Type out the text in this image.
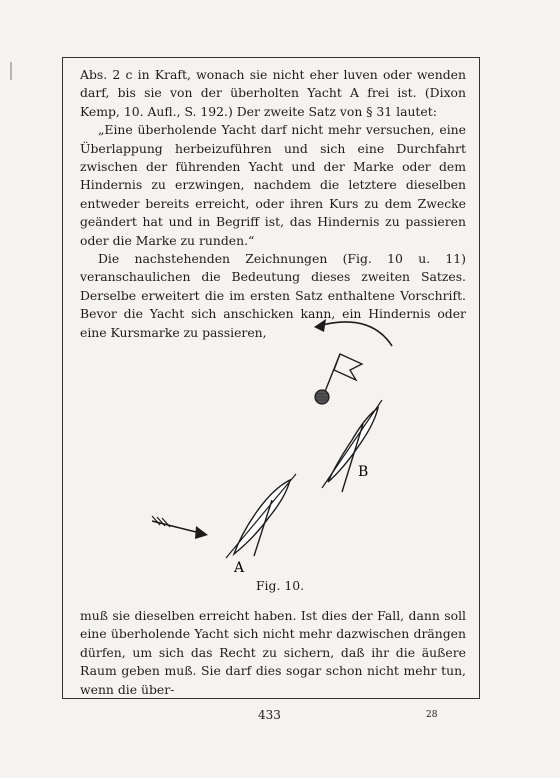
Abs. 2 c in Kraft, wonach sie nicht eher luven oder wenden darf, bis sie von der überholten Yacht A frei ist. (Dixon Kemp, 10. Aufl., S. 192.) Der zweite Satz von § 31 lautet:

„Eine überholende Yacht darf nicht mehr versuchen, eine Überlappung herbeizuführen und sich eine Durchfahrt zwischen der führenden Yacht und der Marke oder dem Hindernis zu erzwingen, nachdem die letztere dieselben entweder bereits erreicht, oder ihren Kurs zu dem Zwecke geändert hat und in Begriff ist, das Hindernis zu passieren oder die Marke zu runden.“

Die nachstehenden Zeichnungen (Fig. 10 u. 11) veranschaulichen die Bedeutung dieses zweiten Satzes. Derselbe erweitert die im ersten Satz enthaltene Vorschrift. Bevor die Yacht sich anschicken kann, ein Hindernis oder eine Kursmarke zu passieren,

B
A
Fig. 10.

muß sie dieselben erreicht haben. Ist dies der Fall, dann soll eine überholende Yacht sich nicht mehr dazwischen drängen dürfen, um sich das Recht zu sichern, daß ihr die äußere Raum geben muß. Sie darf dies sogar schon nicht mehr tun, wenn die über-

433	28
